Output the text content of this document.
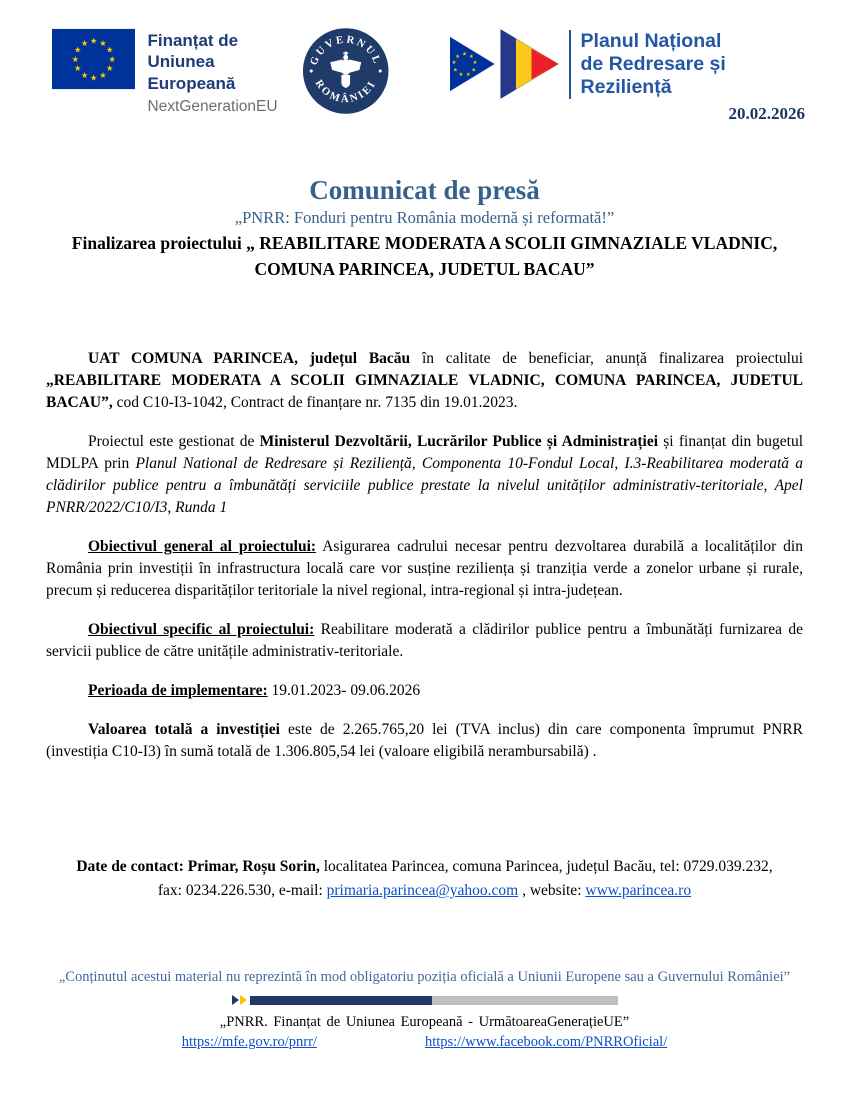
★ ★
★
★
★
★
★
★
★
★
★
★	Finanțat de
Uniunea Europeană
NextGenerationEU
GUVERNUL
ROMÂNIEI
★ ★
★
★
★
★
★
★
★
Planul Național
de Redresare și Reziliență
20.02.2026
Comunicat de presă
„PNRR: Fonduri pentru România modernă și reformată!”
Finalizarea proiectului „ REABILITARE MODERATA A SCOLII GIMNAZIALE VLADNIC, COMUNA PARINCEA, JUDETUL BACAU”

UAT COMUNA PARINCEA, județul Bacău în calitate de beneficiar, anunță finalizarea proiectului „REABILITARE MODERATA A SCOLII GIMNAZIALE VLADNIC, COMUNA PARINCEA, JUDETUL BACAU”, cod C10-I3-1042, Contract de finanțare nr. 7135 din 19.01.2023.

Proiectul este gestionat de Ministerul Dezvoltării, Lucrărilor Publice și Administrației și finanțat din bugetul MDLPA prin Planul National de Redresare și Reziliență, Componenta 10-Fondul Local, I.3-Reabilitarea moderată a clădirilor publice pentru a îmbunătăți serviciile publice prestate la nivelul unităților administrativ-teritoriale, Apel PNRR/2022/C10/I3, Runda 1

Obiectivul general al proiectului: Asigurarea cadrului necesar pentru dezvoltarea durabilă a localităților din România prin investiții în infrastructura locală care vor susține reziliența și tranziția verde a zonelor urbane și rurale, precum și reducerea disparităților teritoriale la nivel regional, intra-regional și intra-județean.

Obiectivul specific al proiectului: Reabilitare moderată a clădirilor publice pentru a îmbunătăți furnizarea de servicii publice de către unitățile administrativ-teritoriale.

Perioada de implementare: 19.01.2023- 09.06.2026

Valoarea totală a investiției este de 2.265.765,20 lei (TVA inclus) din care componenta împrumut PNRR (investiția C10-I3) în sumă totală de 1.306.805,54 lei (valoare eligibilă nerambursabilă) .

Date de contact: Primar, Roșu Sorin, localitatea Parincea, comuna Parincea, județul Bacău, tel: 0729.039.232, fax: 0234.226.530, e-mail: primaria.parincea@yahoo.com , website: www.parincea.ro
„Conținutul acestui material nu reprezintă în mod obligatoriu poziția oficială a Uniunii Europene sau a Guvernului României”
„PNRR. Finanțat de Uniunea Europeană - UrmătoareaGenerațieUE”
https://mfe.gov.ro/pnrr/	https://www.facebook.com/PNRROficial/
